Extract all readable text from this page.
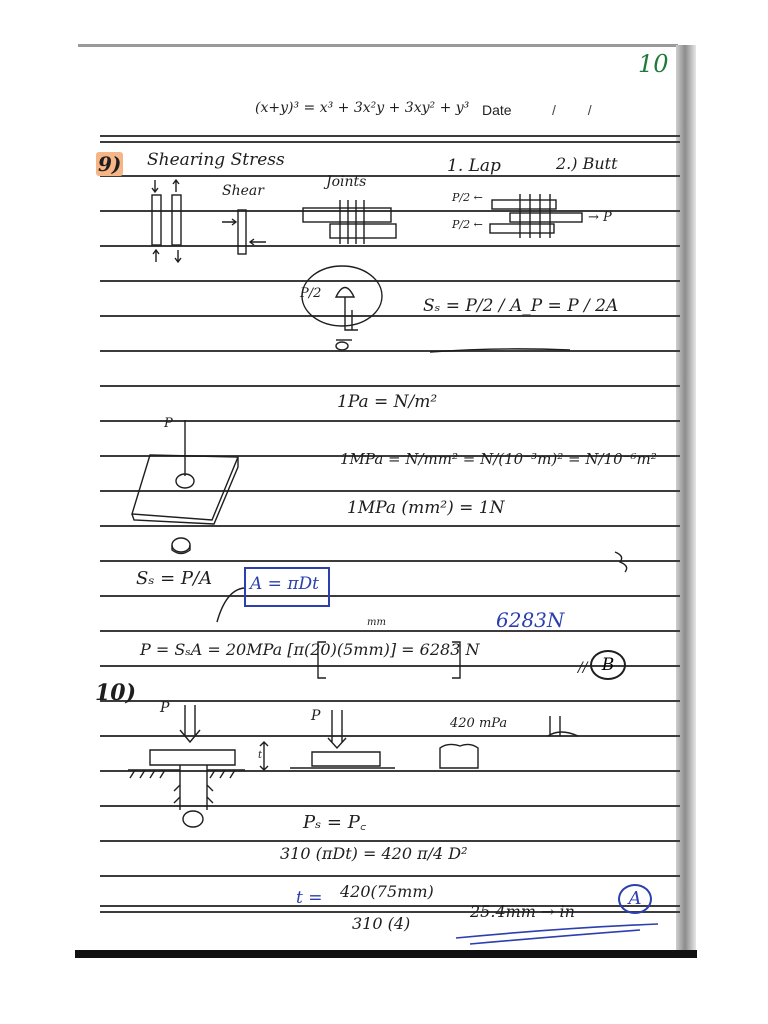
10
(x+y)³ = x³ + 3x²y + 3xy² + y³ Date	/ /
9) Shearing Stress
Shear
Joints
1. Lap	2.) Butt
P/2 ←
P/2 ←	→ P
P/2
Sₛ = P/2 / A_P = P / 2A
1Pa = N/m²
P
1MPa = N/mm² = N/(10⁻³m)² = N/10⁻⁶m²
1MPa (mm²) = 1N
Sₛ = P/A A = πDt
mm	6283N
P = SₛA = 20MPa [π(20)(5mm)] = 6283 N
// B
10)
P	P
t
420 mPa
Pₛ = P꜀
310 (πDt) = 420 π/4 D²
t = 420(75mm)
310 (4)
25.4mm → in
A
